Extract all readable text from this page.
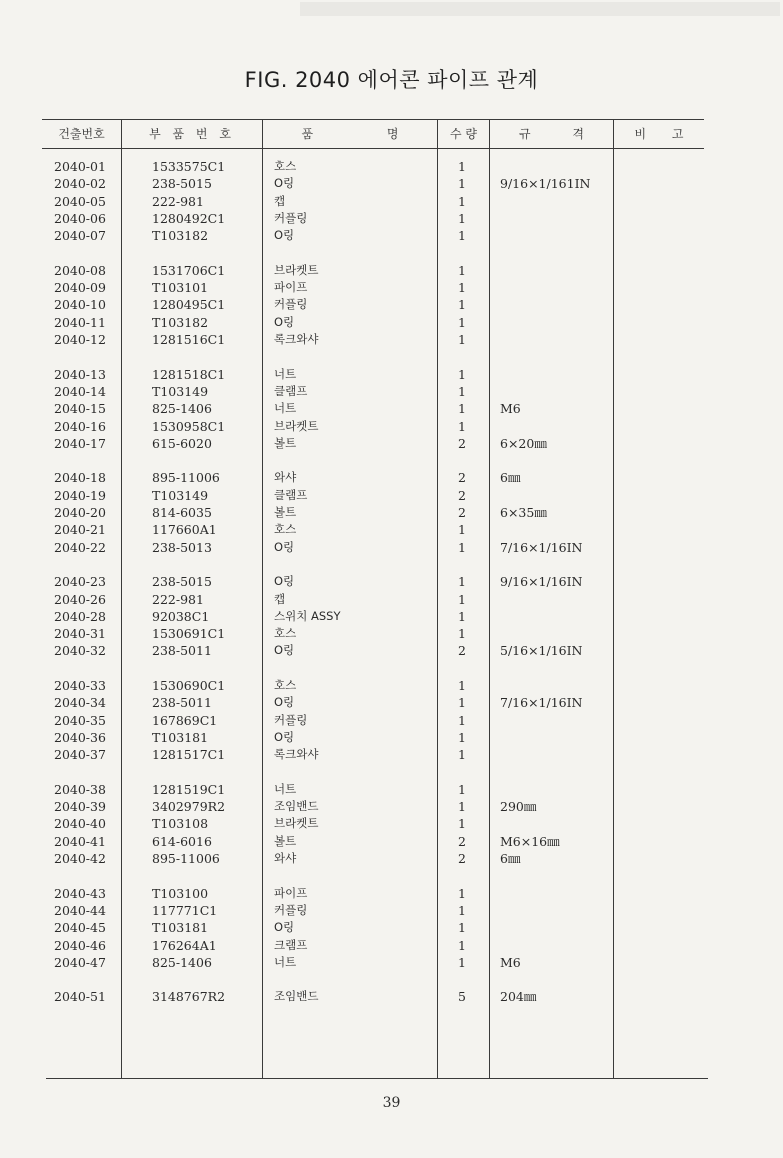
FIG. 2040 에어콘 파이프 관계
건출번호	부 품 번 호	품 명	수 량	규 격	비 고
2040-01	1533575C1	호스	1
2040-02	238-5015	O링	1	9/16×1/161IN
2040-05	222-981	캡	1
2040-06	1280492C1	커플링	1
2040-07	T103182	O링	1
2040-08	1531706C1	브라켓트	1
2040-09	T103101	파이프	1
2040-10	1280495C1	커플링	1
2040-11	T103182	O링	1
2040-12	1281516C1	록크와샤	1
2040-13	1281518C1	너트	1
2040-14	T103149	클램프	1
2040-15	825-1406	너트	1	M6
2040-16	1530958C1	브라켓트	1
2040-17	615-6020	볼트	2	6×20㎜
2040-18	895-11006	와샤	2	6㎜
2040-19	T103149	클램프	2
2040-20	814-6035	볼트	2	6×35㎜
2040-21	117660A1	호스	1
2040-22	238-5013	O링	1	7/16×1/16IN
2040-23	238-5015	O링	1	9/16×1/16IN
2040-26	222-981	캡	1
2040-28	92038C1	스위치 ASSY	1
2040-31	1530691C1	호스	1
2040-32	238-5011	O링	2	5/16×1/16IN
2040-33	1530690C1	호스	1
2040-34	238-5011	O링	1	7/16×1/16IN
2040-35	167869C1	커플링	1
2040-36	T103181	O링	1
2040-37	1281517C1	록크와샤	1
2040-38	1281519C1	너트	1
2040-39	3402979R2	조임밴드	1	290㎜
2040-40	T103108	브라켓트	1
2040-41	614-6016	볼트	2	M6×16㎜
2040-42	895-11006	와샤	2	6㎜
2040-43	T103100	파이프	1
2040-44	117771C1	커플링	1
2040-45	T103181	O링	1
2040-46	176264A1	크램프	1
2040-47	825-1406	너트	1	M6
2040-51	3148767R2	조임밴드	5	204㎜
39
